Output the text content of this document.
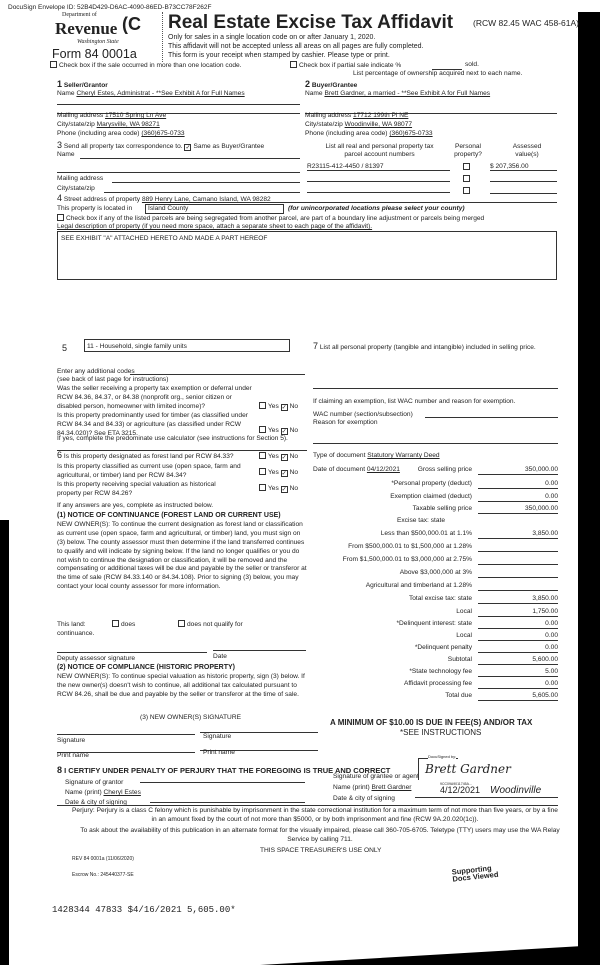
DocuSign Envelope ID: 52B4D429-D6AC-4090-86ED-B73CC78F262F
Department of
Revenue (C
Washington State
Form 84 0001a
Real Estate Excise Tax Affidavit (RCW 82.45 WAC 458-61A)
Only for sales in a single location code on or after January 1, 2020.
This affidavit will not be accepted unless all areas on all pages are fully completed.
This form is your receipt when stamped by cashier. Please type or print.
Check box if the sale occurred in more than one location code.	Check box if partial sale indicate %	sold.
List percentage of ownership acquired next to each name.
1 Seller/Grantor
Name Cheryl Estes, Administrat - **See Exhibit A for Full Names
Mailing address 17510 Spring Ln Ave
City/state/zip Marysville, WA 98271
Phone (including area code) (360)675-0733
2 Buyer/Grantee
Name Brett Gardner, a married - **See Exhibit A for Full Names
Mailing address 17712 199th Pl NE
City/state/zip Woodinville, WA 98077
Phone (including area code) (360)675-0733
3 Send all property tax correspondence to. ✓ Same as Buyer/Grantee
Name
Mailing address
City/state/zip
List all real and personal property tax
parcel account numbers
Personal
property?
Assessed
value(s)
R23115-412-4450 / 81397	$ 207,356.00
4 Street address of property 889 Henry Lane, Camano Island, WA 98282
This property is located in	Island County	(for unincorporated locations please select your county)
Check box if any of the listed parcels are being segregated from another parcel, are part of a boundary line adjustment or parcels being merged
Legal description of property (if you need more space, attach a separate sheet to each page of the affidavit).
SEE EXHIBIT "A" ATTACHED HERETO AND MADE A PART HEREOF
5	11 - Household, single family units
Enter any additional codes
(see back of last page for instructions)
Was the seller receiving a property tax exemption or deferral under RCW 84.36, 84.37, or 84.38 (nonprofit org., senior citizen or disabled person, homeowner with limited income)?	Yes ✓ No
Is this property predominantly used for timber (as classified under RCW 84.34 and 84.33) or agriculture (as classified under RCW 84.34.020)? See ETA 3215.	Yes ✓ No
If yes, complete the predominate use calculator (see instructions for Section 5).
6 Is this property designated as forest land per RCW 84.33?	Yes ✓ No
Is this property classified as current use (open space, farm and agricultural, or timber) land per RCW 84.34?	Yes ✓ No
Is this property receiving special valuation as historical property per RCW 84.26?
Yes ✓ No
If any answers are yes, complete as instructed below.
(1) NOTICE OF CONTINUANCE (FOREST LAND OR CURRENT USE)
NEW OWNER(S): To continue the current designation as forest land or classification as current use (open space, farm and agricultural, or timber) land, you must sign on (3) below. The county assessor must then determine if the land transferred continues to qualify and will indicate by signing below. If the land no longer qualifies or you do not wish to continue the designation or classification, it will be removed and the compensating or additional taxes will be due and payable by the seller or transferor at the time of sale (RCW 84.33.140 or 84.34.108). Prior to signing (3) below, you may contact your local county assessor for more information.
This land:	does	does not qualify for
continuance.
Deputy assessor signature	Date
(2) NOTICE OF COMPLIANCE (HISTORIC PROPERTY)
NEW OWNER(S): To continue special valuation as historic property, sign (3) below. If the new owner(s) doesn't wish to continue, all additional tax calculated pursuant to RCW 84.26, shall be due and payable by the seller or transferor at the time of sale.
(3) NEW OWNER(S) SIGNATURE
Signature
Signature
Print name	Print name
7 List all personal property (tangible and intangible) included in selling price.
If claiming an exemption, list WAC number and reason for exemption.
WAC number (section/subsection)
Reason for exemption
Type of document Statutory Warranty Deed
Date of document 04/12/2021	Gross selling price	350,000.00
*Personal property (deduct)	0.00
Exemption claimed (deduct)	0.00
Taxable selling price	350,000.00
Excise tax: state
Less than $500,000.01 at 1.1%	3,850.00
From $500,000.01 to $1,500,000 at 1.28%
From $1,500,000.01 to $3,000,000 at 2.75%
Above $3,000,000 at 3%
Agricultural and timberland at 1.28%
Total excise tax: state	3,850.00
Local	1,750.00
*Delinquent interest: state	0.00
Local	0.00
*Delinquent penalty	0.00
Subtotal	5,600.00
*State technology fee	5.00
Affidavit processing fee	0.00
Total due	5,605.00
A MINIMUM OF $10.00 IS DUE IN FEE(S) AND/OR TAX
*SEE INSTRUCTIONS
8 I CERTIFY UNDER PENALTY OF PERJURY THAT THE FOREGOING IS TRUE AND CORRECT
Signature of grantor
Name (print) Cheryl Estes
Date & city of signing
Signature of grantee or agent
DocuSigned by:
Brett Gardner
Name (print) Brett Gardner	9CC09A9011745A...
Date & city of signing
4/12/2021 Woodinville
Perjury: Perjury is a class C felony which is punishable by imprisonment in the state correctional institution for a maximum term of not more than five years, or by a fine in an amount fixed by the court of not more than $5000, or by both imprisonment and fine (RCW 9A.20.020(1c)).
To ask about the availability of this publication in an alternate format for the visually impaired, please call 360-705-6705. Teletype (TTY) users may use the WA Relay Service by calling 711.
THIS SPACE TREASURER'S USE ONLY
REV 84 0001a (11/06/2020)
Escrow No.: 245440377-SE	Supporting Docs Viewed
1428344 47833 $4/16/2021 5,605.00*
